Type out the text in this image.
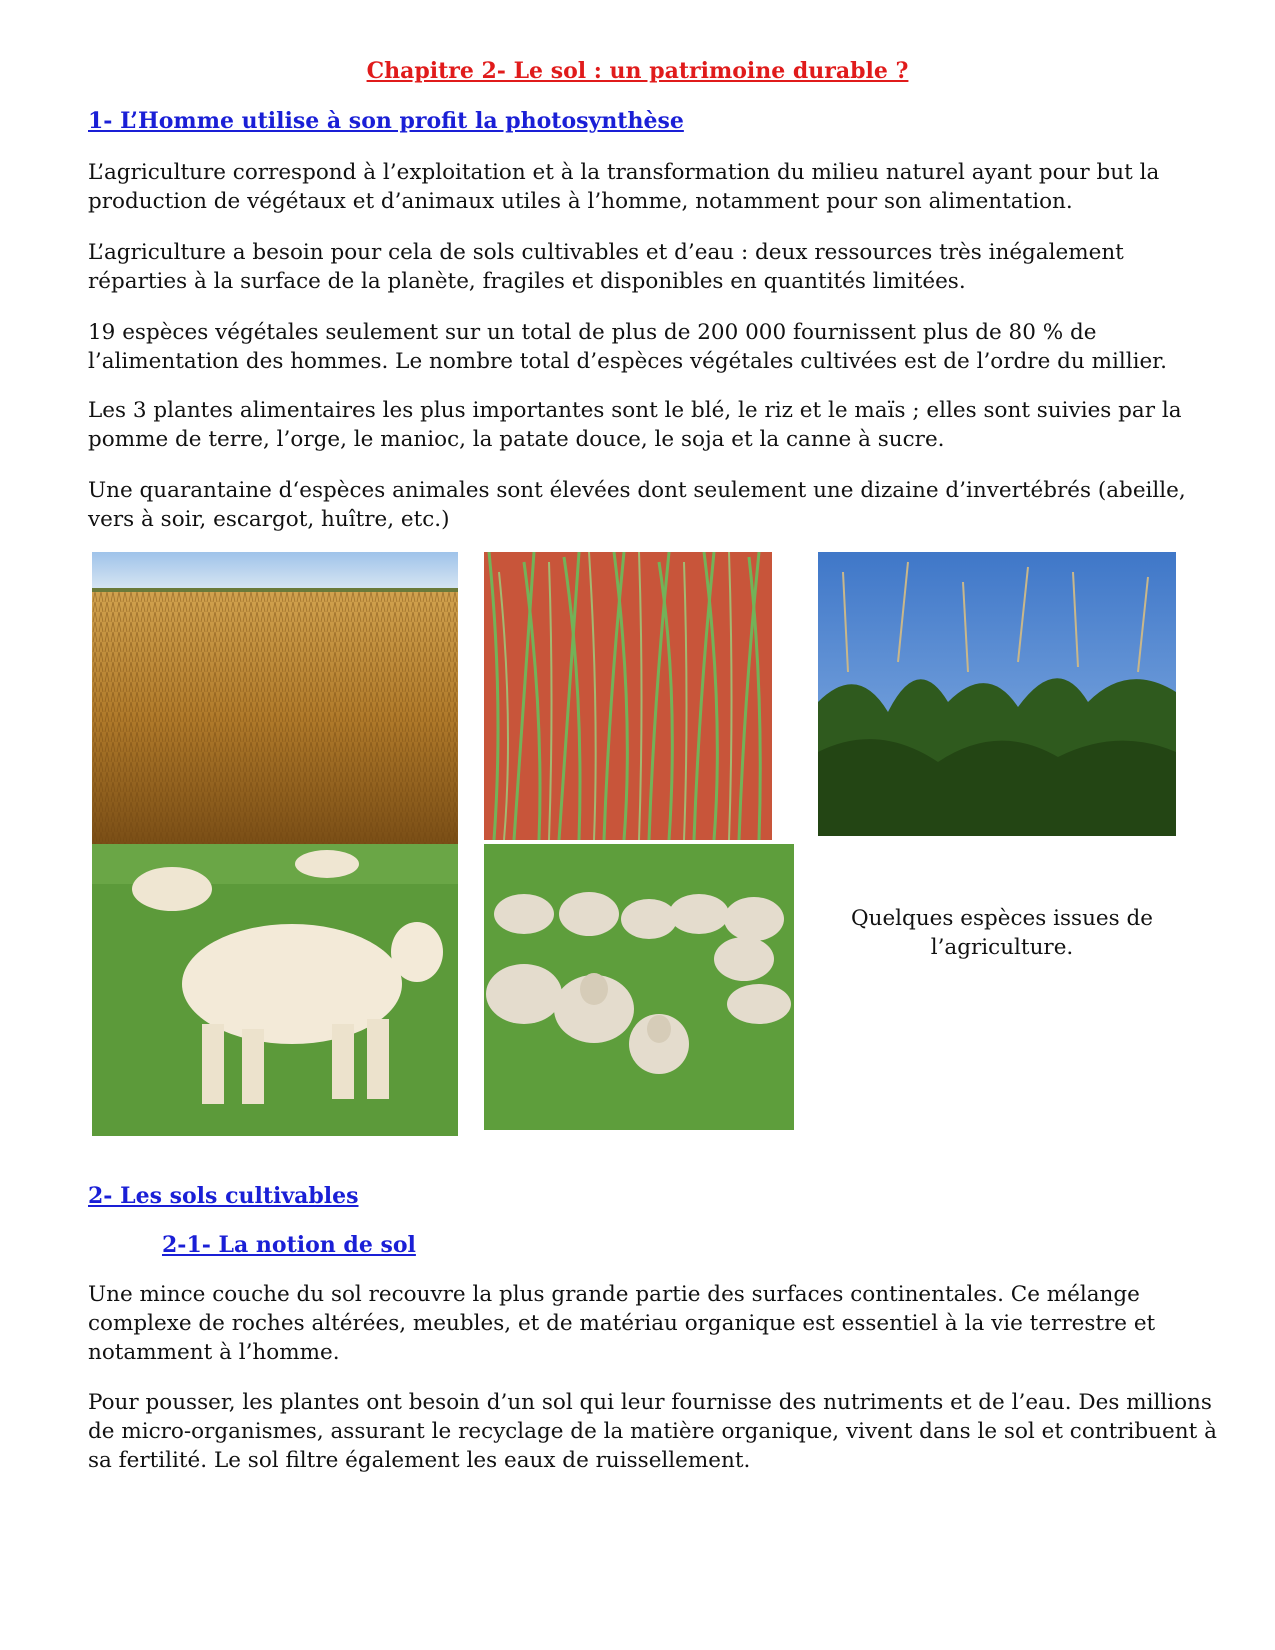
Chapitre 2- Le sol : un patrimoine durable ?
1- L’Homme utilise à son profit la photosynthèse

L’agriculture correspond à l’exploitation et à la transformation du milieu naturel ayant pour but la
production de végétaux et d’animaux utiles à l’homme, notamment pour son alimentation.

L’agriculture a besoin pour cela de sols cultivables et d’eau : deux ressources très inégalement
réparties à la surface de la planète, fragiles et disponibles en quantités limitées.

19 espèces végétales seulement sur un total de plus de 200 000 fournissent plus de 80 % de
l’alimentation des hommes. Le nombre total d’espèces végétales cultivées est de l’ordre du millier.

Les 3 plantes alimentaires les plus importantes sont le blé, le riz et le maïs ; elles sont suivies par la
pomme de terre, l’orge, le manioc, la patate douce, le soja et la canne à sucre.

Une quarantaine d‘espèces animales sont élevées dont seulement une dizaine d’invertébrés (abeille,
vers à soir, escargot, huître, etc.)

Quelques espèces issues de
l’agriculture.
2- Les sols cultivables
2-1- La notion de sol

Une mince couche du sol recouvre la plus grande partie des surfaces continentales. Ce mélange
complexe de roches altérées, meubles, et de matériau organique est essentiel à la vie terrestre et
notamment à l’homme.

Pour pousser, les plantes ont besoin d’un sol qui leur fournisse des nutriments et de l’eau. Des millions
de micro-organismes, assurant le recyclage de la matière organique, vivent dans le sol et contribuent à
sa fertilité. Le sol filtre également les eaux de ruissellement.
